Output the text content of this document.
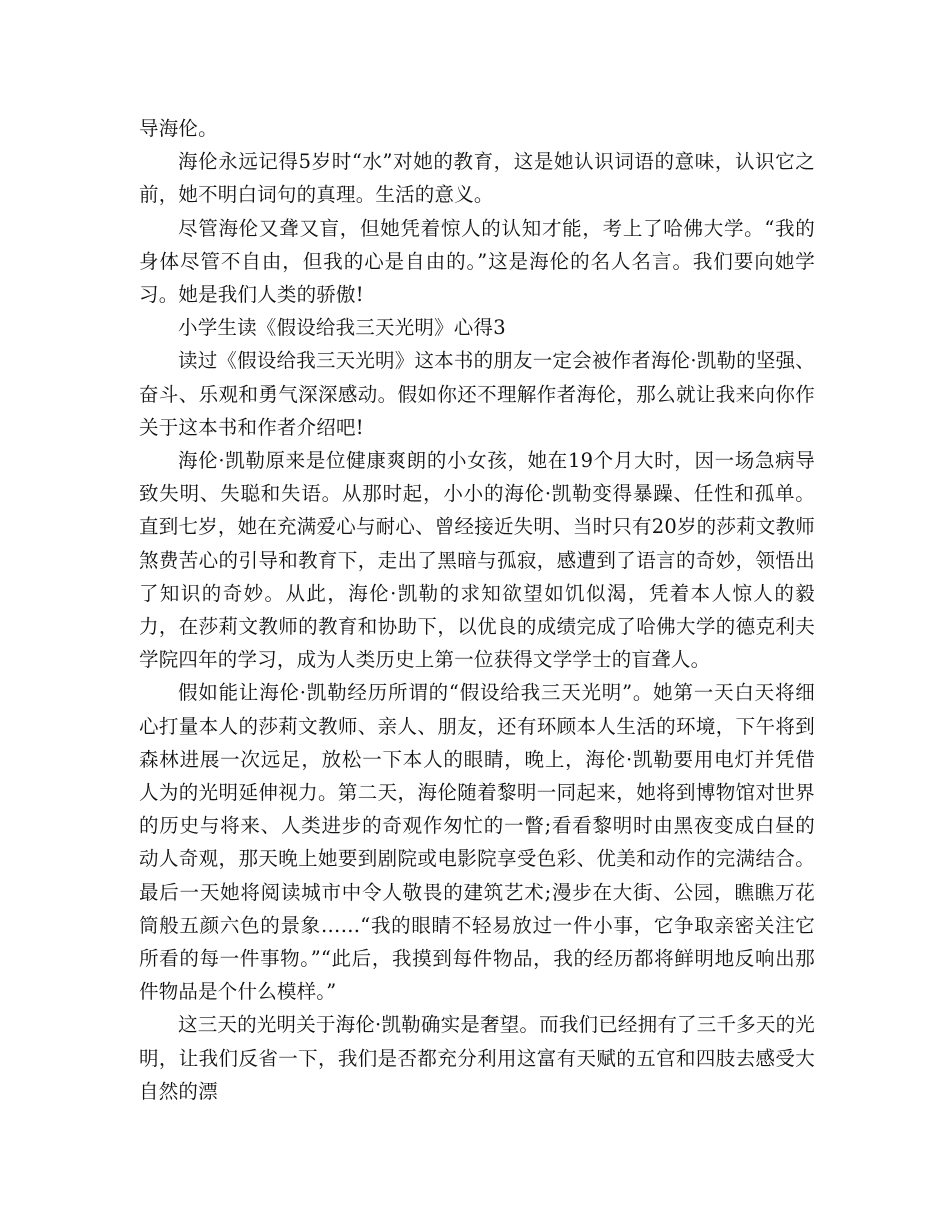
导海伦。

海伦永远记得5岁时“水”对她的教育，这是她认识词语的意味，认识它之前，她不明白词句的真理。生活的意义。

尽管海伦又聋又盲，但她凭着惊人的认知才能，考上了哈佛大学。“我的身体尽管不自由，但我的心是自由的。”这是海伦的名人名言。我们要向她学习。她是我们人类的骄傲!

小学生读《假设给我三天光明》心得3

读过《假设给我三天光明》这本书的朋友一定会被作者海伦·凯勒的坚强、奋斗、乐观和勇气深深感动。假如你还不理解作者海伦，那么就让我来向你作关于这本书和作者介绍吧!

海伦·凯勒原来是位健康爽朗的小女孩，她在19个月大时，因一场急病导致失明、失聪和失语。从那时起，小小的海伦·凯勒变得暴躁、任性和孤单。直到七岁，她在充满爱心与耐心、曾经接近失明、当时只有20岁的莎莉文教师煞费苦心的引导和教育下，走出了黑暗与孤寂，感遭到了语言的奇妙，领悟出了知识的奇妙。从此，海伦·凯勒的求知欲望如饥似渴，凭着本人惊人的毅力，在莎莉文教师的教育和协助下，以优良的成绩完成了哈佛大学的德克利夫学院四年的学习，成为人类历史上第一位获得文学学士的盲聋人。

假如能让海伦·凯勒经历所谓的“假设给我三天光明”。她第一天白天将细心打量本人的莎莉文教师、亲人、朋友，还有环顾本人生活的环境，下午将到森林进展一次远足，放松一下本人的眼睛，晚上，海伦·凯勒要用电灯并凭借人为的光明延伸视力。第二天，海伦随着黎明一同起来，她将到博物馆对世界的历史与将来、人类进步的奇观作匆忙的一瞥;看看黎明时由黑夜变成白昼的动人奇观，那天晚上她要到剧院或电影院享受色彩、优美和动作的完满结合。最后一天她将阅读城市中令人敬畏的建筑艺术;漫步在大街、公园，瞧瞧万花筒般五颜六色的景象……“我的眼睛不轻易放过一件小事，它争取亲密关注它所看的每一件事物。”“此后，我摸到每件物品，我的经历都将鲜明地反响出那件物品是个什么模样。”

这三天的光明关于海伦·凯勒确实是奢望。而我们已经拥有了三千多天的光明，让我们反省一下，我们是否都充分利用这富有天赋的五官和四肢去感受大自然的漂
